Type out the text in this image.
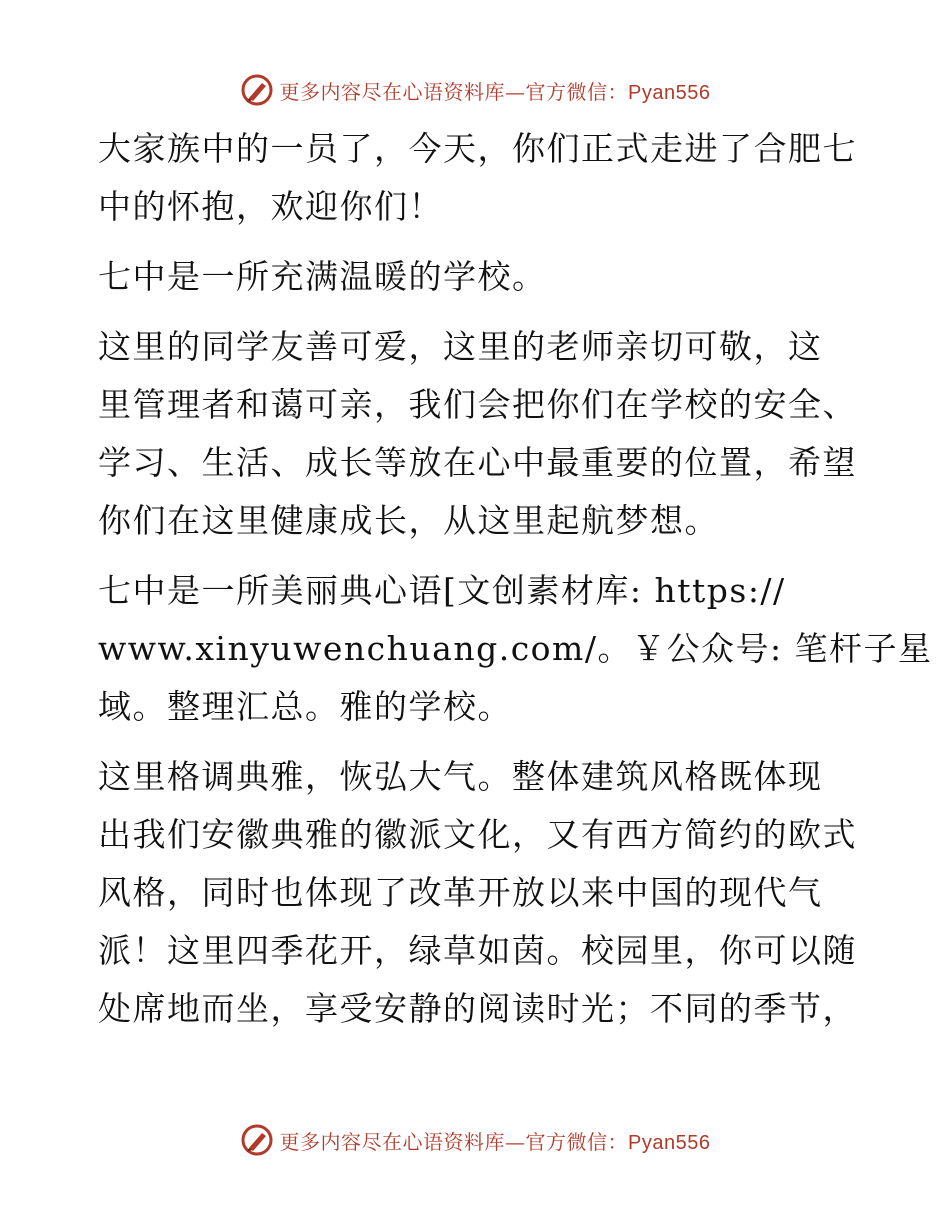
更多内容尽在心语资料库—官方微信：Pyan556
大家族中的一员了，今天，你们正式走进了合肥七
中的怀抱，欢迎你们！
七中是一所充满温暖的学校。
这里的同学友善可爱，这里的老师亲切可敬，这
里管理者和蔼可亲，我们会把你们在学校的安全、
学习、生活、成长等放在心中最重要的位置，希望
你们在这里健康成长，从这里起航梦想。
七中是一所美丽典心语[文创素材库: https://
www.xinyuwenchuang.com/。￥公众号: 笔杆子星
域。整理汇总。雅的学校。
这里格调典雅，恢弘大气。整体建筑风格既体现
出我们安徽典雅的徽派文化，又有西方简约的欧式
风格，同时也体现了改革开放以来中国的现代气
派！这里四季花开，绿草如茵。校园里，你可以随
处席地而坐，享受安静的阅读时光；不同的季节，
更多内容尽在心语资料库—官方微信：Pyan556
